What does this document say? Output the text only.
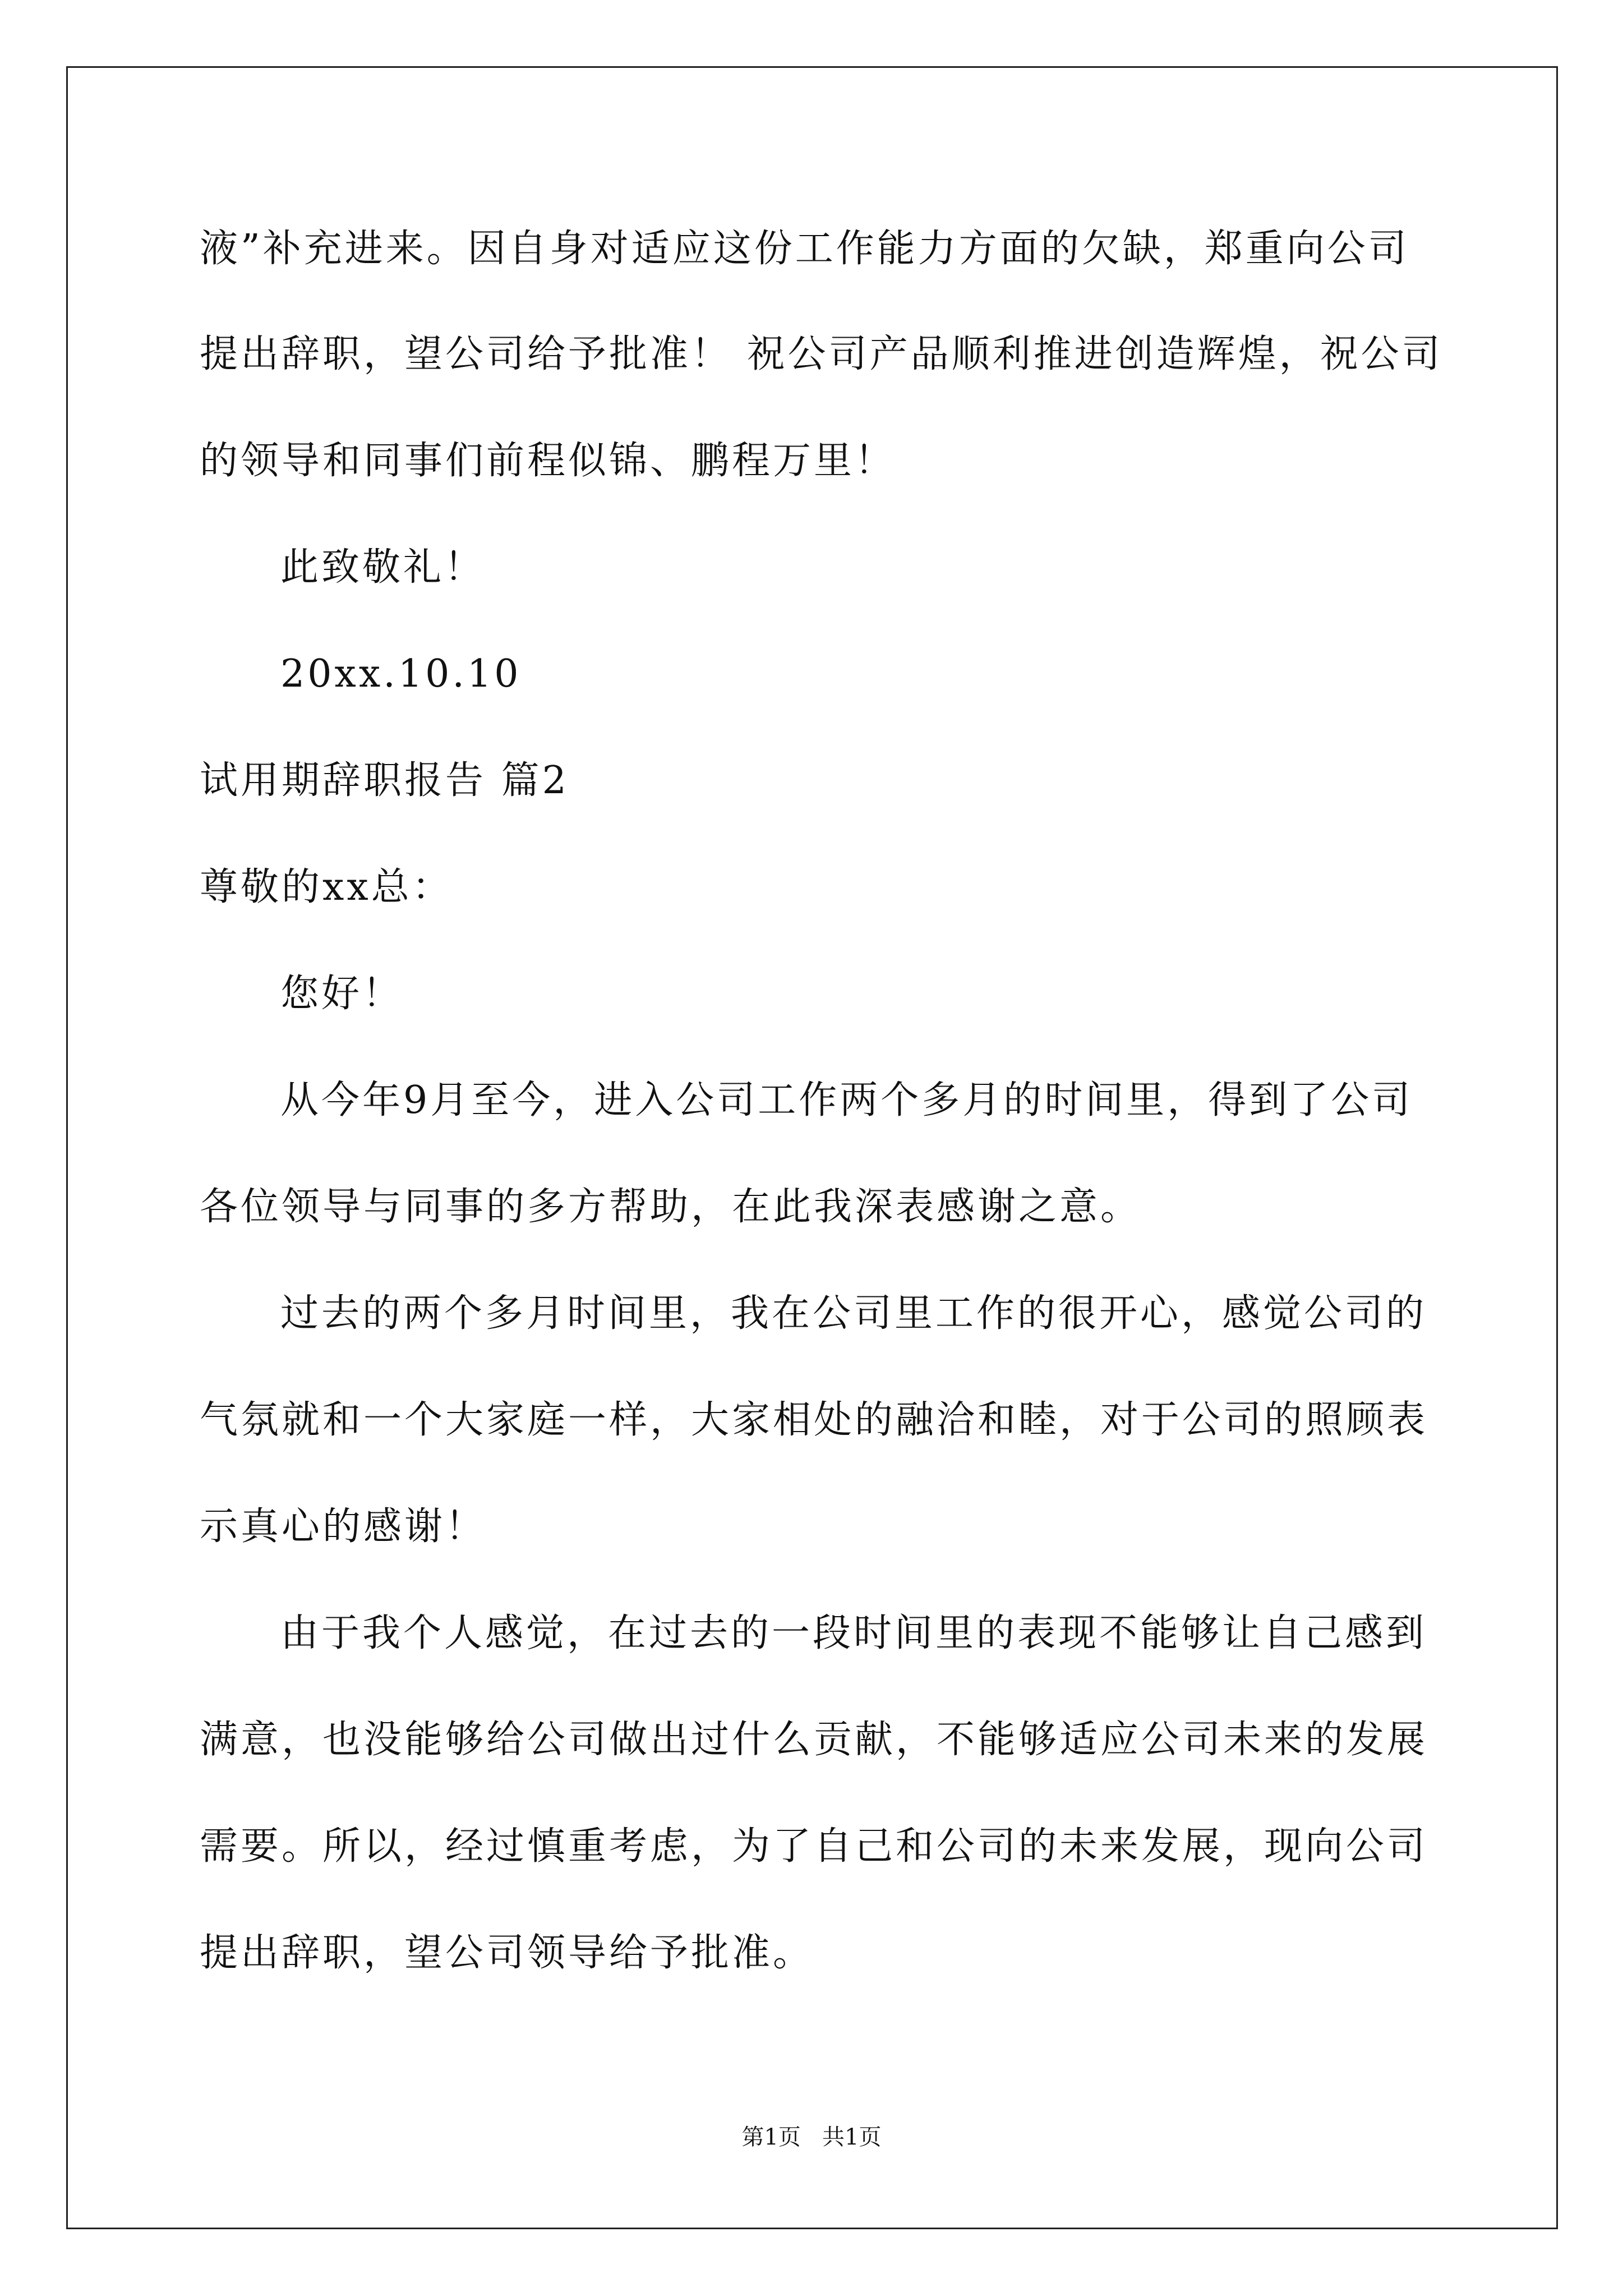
液”补充进来。因自身对适应这份工作能力方面的欠缺，郑重向公司
提出辞职，望公司给予批准！ 祝公司产品顺利推进创造辉煌，祝公司
的领导和同事们前程似锦、鹏程万里！
此致敬礼！
20xx.10.10
试用期辞职报告 篇2
尊敬的xx总：
您好！
从今年9月至今，进入公司工作两个多月的时间里，得到了公司
各位领导与同事的多方帮助，在此我深表感谢之意。
过去的两个多月时间里，我在公司里工作的很开心，感觉公司的
气氛就和一个大家庭一样，大家相处的融洽和睦，对于公司的照顾表
示真心的感谢！
由于我个人感觉，在过去的一段时间里的表现不能够让自己感到
满意，也没能够给公司做出过什么贡献，不能够适应公司未来的发展
需要。所以，经过慎重考虑，为了自己和公司的未来发展，现向公司
提出辞职，望公司领导给予批准。
第1页   共1页
